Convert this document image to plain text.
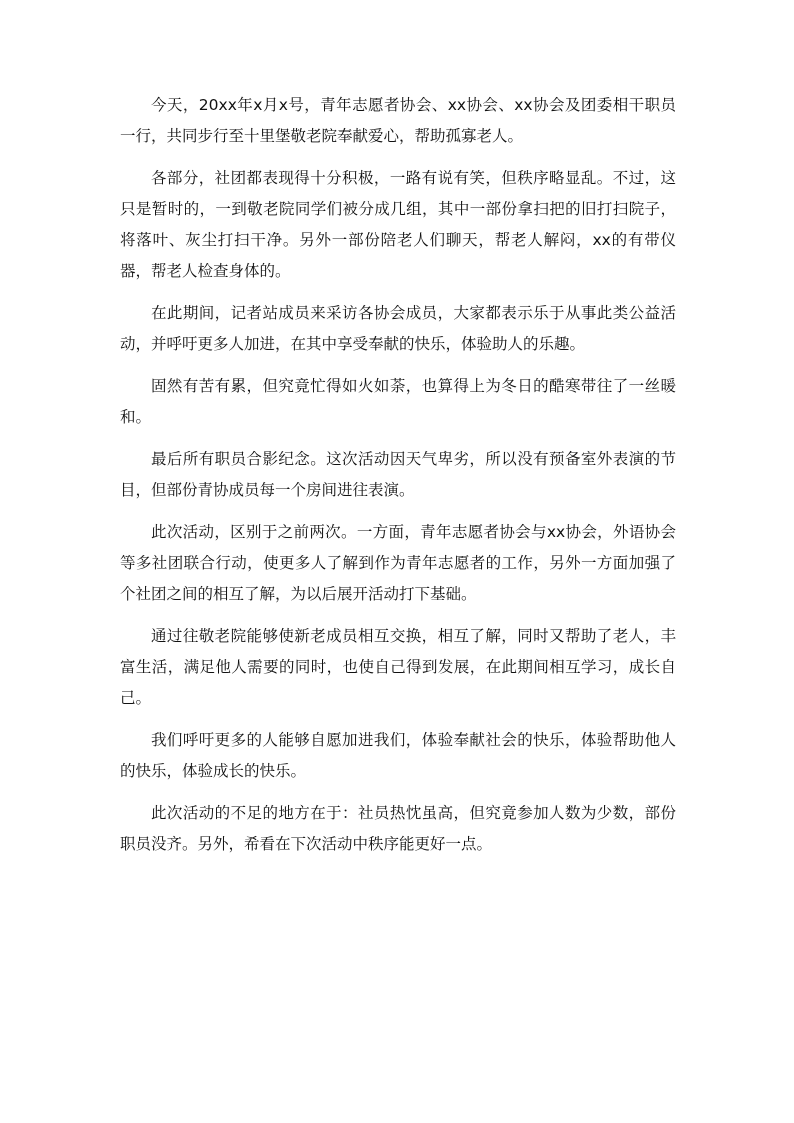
今天，20xx年x月x号，青年志愿者协会、xx协会、xx协会及团委相干职员一行，共同步行至十里堡敬老院奉献爱心，帮助孤寡老人。

各部分，社团都表现得十分积极，一路有说有笑，但秩序略显乱。不过，这只是暂时的，一到敬老院同学们被分成几组，其中一部份拿扫把的旧打扫院子，将落叶、灰尘打扫干净。另外一部份陪老人们聊天，帮老人解闷，xx的有带仪器，帮老人检查身体的。

在此期间，记者站成员来采访各协会成员，大家都表示乐于从事此类公益活动，并呼吁更多人加进，在其中享受奉献的快乐，体验助人的乐趣。

固然有苦有累，但究竟忙得如火如荼，也算得上为冬日的酷寒带往了一丝暖和。

最后所有职员合影纪念。这次活动因天气卑劣，所以没有预备室外表演的节目，但部份青协成员每一个房间进往表演。

此次活动，区别于之前两次。一方面，青年志愿者协会与xx协会，外语协会等多社团联合行动，使更多人了解到作为青年志愿者的工作，另外一方面加强了个社团之间的相互了解，为以后展开活动打下基础。

通过往敬老院能够使新老成员相互交换，相互了解，同时又帮助了老人，丰富生活，满足他人需要的同时，也使自己得到发展，在此期间相互学习，成长自己。

我们呼吁更多的人能够自愿加进我们，体验奉献社会的快乐，体验帮助他人的快乐，体验成长的快乐。

此次活动的不足的地方在于：社员热忱虽高，但究竟参加人数为少数，部份职员没齐。另外，希看在下次活动中秩序能更好一点。
